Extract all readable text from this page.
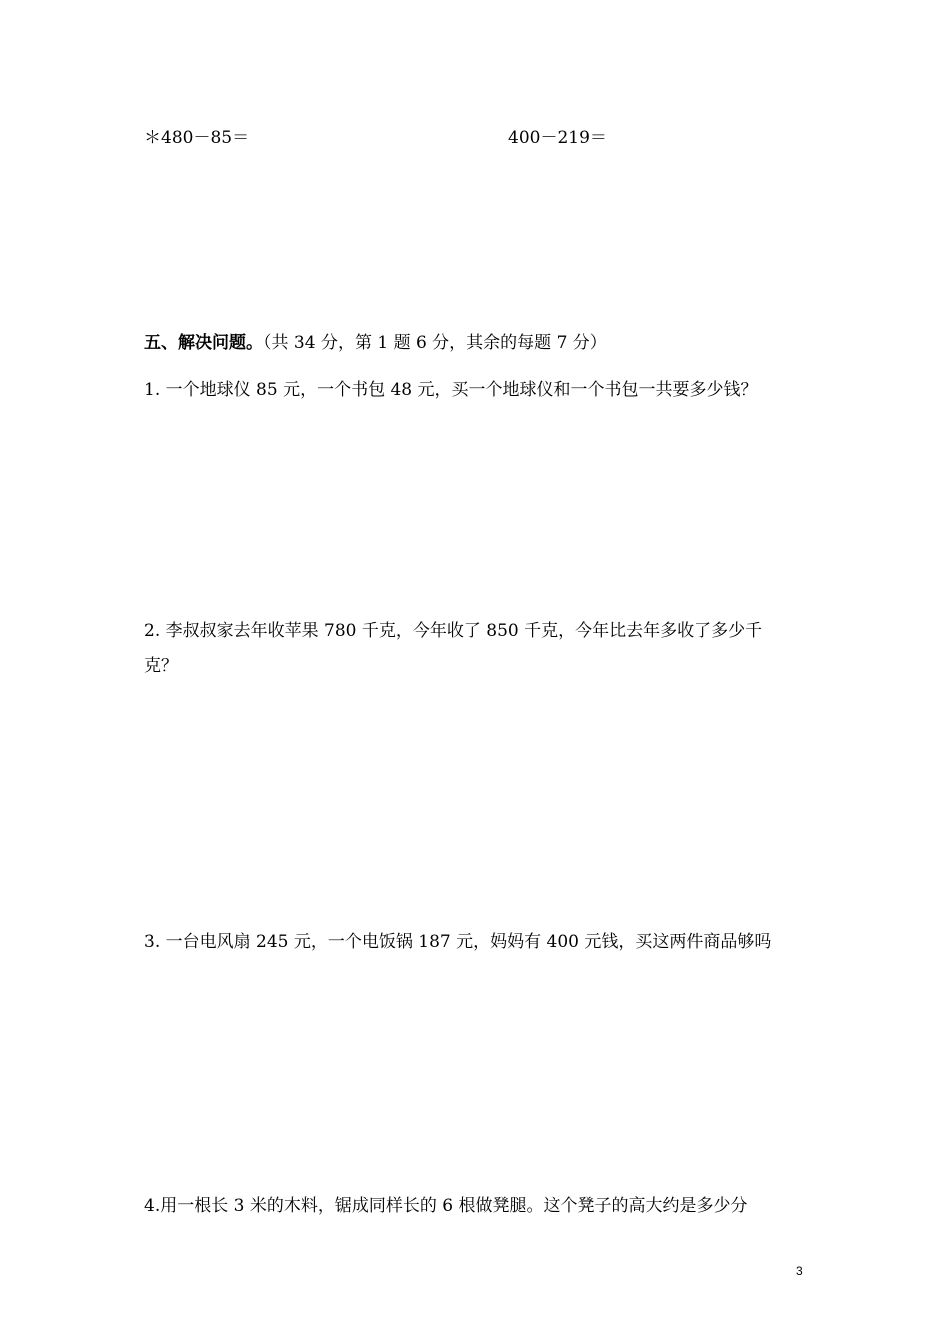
＊480－85＝	400－219＝
五、解决问题。（共 34 分，第 1 题 6 分，其余的每题 7 分）
1. 一个地球仪 85 元，一个书包 48 元，买一个地球仪和一个书包一共要多少钱？
2. 李叔叔家去年收苹果 780 千克，今年收了 850 千克，今年比去年多收了多少千
克？
3. 一台电风扇 245 元，一个电饭锅 187 元，妈妈有 400 元钱，买这两件商品够吗
4.用一根长 3 米的木料，锯成同样长的 6 根做凳腿。这个凳子的高大约是多少分
3
